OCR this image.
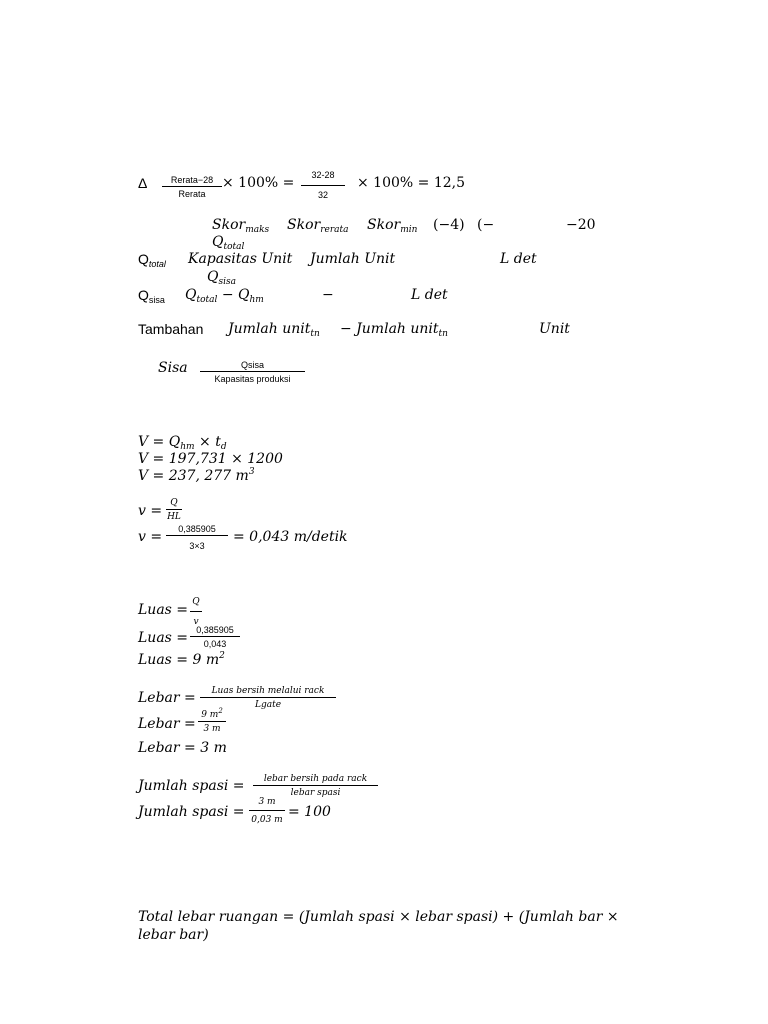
Δ	Rerata−28
Rerata
× 100% =	32-28
32
× 100% = 12,5
Skor$_{maks}$ Skor$_{rerata}$ Skor$_{min}$ (−4) (−	−20
$Q_{total}$
$Q_{total}$ Kapasitas Unit Jumlah Unit	L det
$Q_{sisa}$
$Q_{sisa}$ $Q_{total} - Q_{hm}$	−	L det
Tambahan Jumlah unit$_{tn}$ − Jumlah unit$_{tn}$	Unit
Sisa	Qsisa
Kapasitas produksi
$V = Q_{hm} \times t_d$
V = 197,731 × 1200
V = 237, 277 $m^3$
v = Q
HL
v =	0,385905
3×3
= 0,043 m/detik
Luas = Q
v
Luas = 0,385905
0,043
Luas = 9 $m^2$
Lebar =	Luas bersih melalui rack
Lgate
Lebar =
9 $m^2$
3 m
Lebar = 3 m
Jumlah spasi =	lebar bersih pada rack
lebar spasi
Jumlah spasi =
3 m
0,03 m = 100
Total lebar ruangan = (Jumlah spasi × lebar spasi) + (Jumlah bar ×
lebar bar)
